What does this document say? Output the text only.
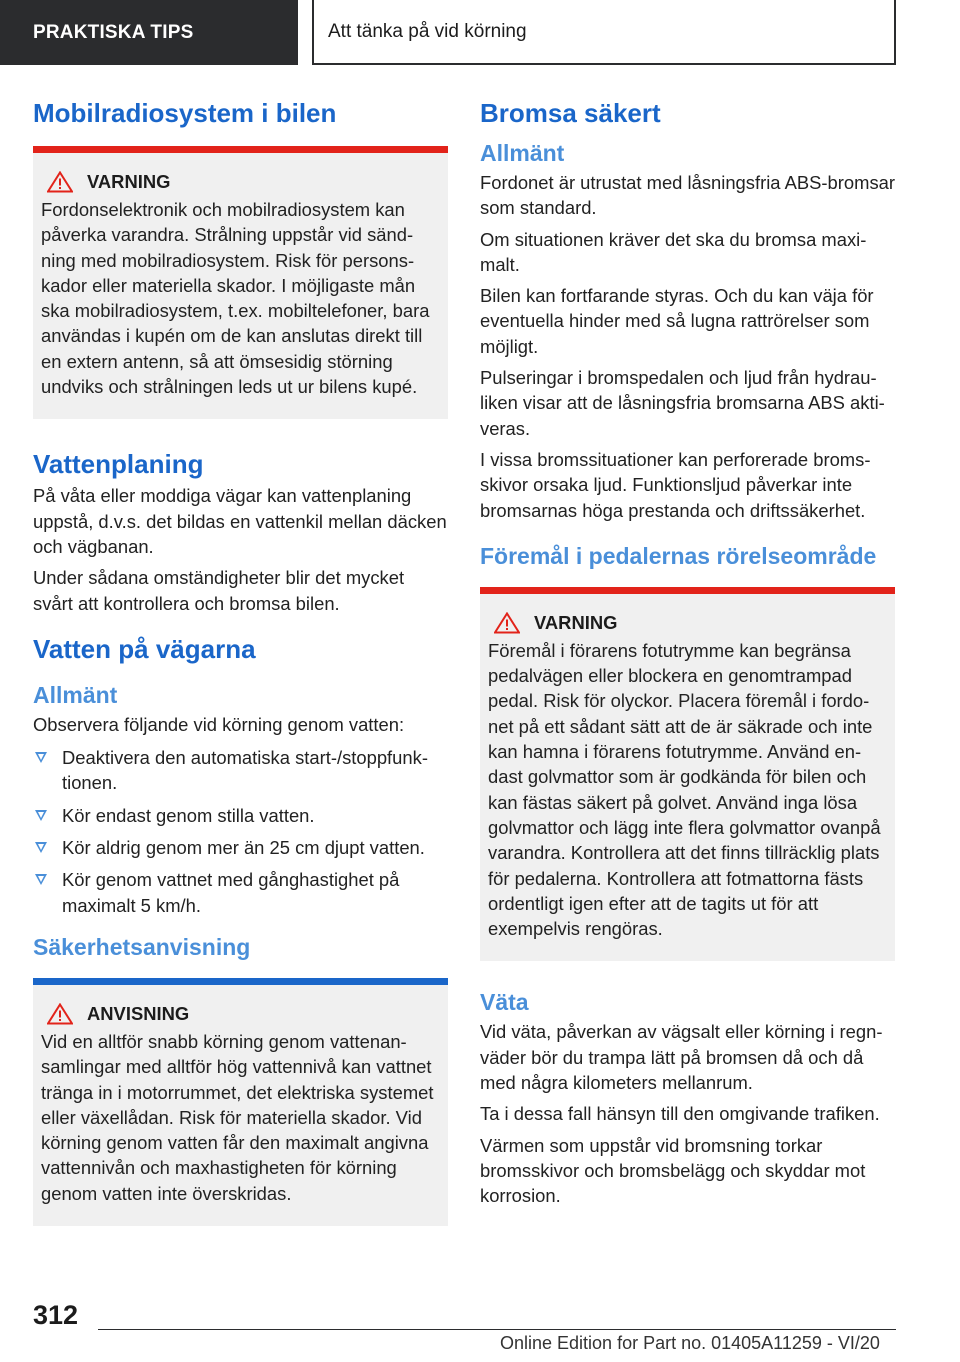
PRAKTISKA TIPS	Att tänka på vid körning
Mobilradiosystem i bilen
VARNING

Fordonselektronik och mobilradiosystem kan påverka varandra. Strålning uppstår vid sändning med mobilradiosystem. Risk för personskador eller materiella skador. I möjligaste mån ska mobilradiosystem, t.ex. mobiltelefoner, bara användas i kupén om de kan anslutas direkt till en extern antenn, så att ömsesidig störning undviks och strålningen leds ut ur bilens kupé.

Vattenplaning

På våta eller moddiga vägar kan vattenplaning uppstå, d.v.s. det bildas en vattenkil mellan däcken och vägbanan.

Under sådana omständigheter blir det mycket svårt att kontrollera och bromsa bilen.

Vatten på vägarna
Allmänt

Observera följande vid körning genom vatten:

Deaktivera den automatiska start-/stoppfunktionen.
Kör endast genom stilla vatten.
Kör aldrig genom mer än 25 cm djupt vatten.
Kör genom vattnet med gånghastighet på maximalt 5 km/h.
Säkerhetsanvisning
ANVISNING

Vid en alltför snabb körning genom vattenansamlingar med alltför hög vattennivå kan vattnet tränga in i motorrummet, det elektriska systemet eller växellådan. Risk för materiella skador. Vid körning genom vatten får den maximalt angivna vattennivån och maxhastigheten för körning genom vatten inte överskridas.

Bromsa säkert
Allmänt

Fordonet är utrustat med låsningsfria ABS-bromsar som standard.

Om situationen kräver det ska du bromsa maximalt.

Bilen kan fortfarande styras. Och du kan väja för eventuella hinder med så lugna rattrörelser som möjligt.

Pulseringar i bromspedalen och ljud från hydrauliken visar att de låsningsfria bromsarna ABS aktiveras.

I vissa bromssituationer kan perforerade bromsskivor orsaka ljud. Funktionsljud påverkar inte bromsarnas höga prestanda och driftssäkerhet.

Föremål i pedalernas rörelseområde
VARNING

Föremål i förarens fotutrymme kan begränsa pedalvägen eller blockera en genomtrampad pedal. Risk för olyckor. Placera föremål i fordonet på ett sådant sätt att de är säkrade och inte kan hamna i förarens fotutrymme. Använd endast golvmattor som är godkända för bilen och kan fästas säkert på golvet. Använd inga lösa golvmattor och lägg inte flera golvmattor ovanpå varandra. Kontrollera att det finns tillräcklig plats för pedalerna. Kontrollera att fotmattorna fästs ordentligt igen efter att de tagits ut för att exempelvis rengöras.

Väta

Vid väta, påverkan av vägsalt eller körning i regnväder bör du trampa lätt på bromsen då och då med några kilometers mellanrum.

Ta i dessa fall hänsyn till den omgivande trafiken.

Värmen som uppstår vid bromsning torkar bromsskivor och bromsbelägg och skyddar mot korrosion.

312
Online Edition for Part no. 01405A11259 - VI/20
